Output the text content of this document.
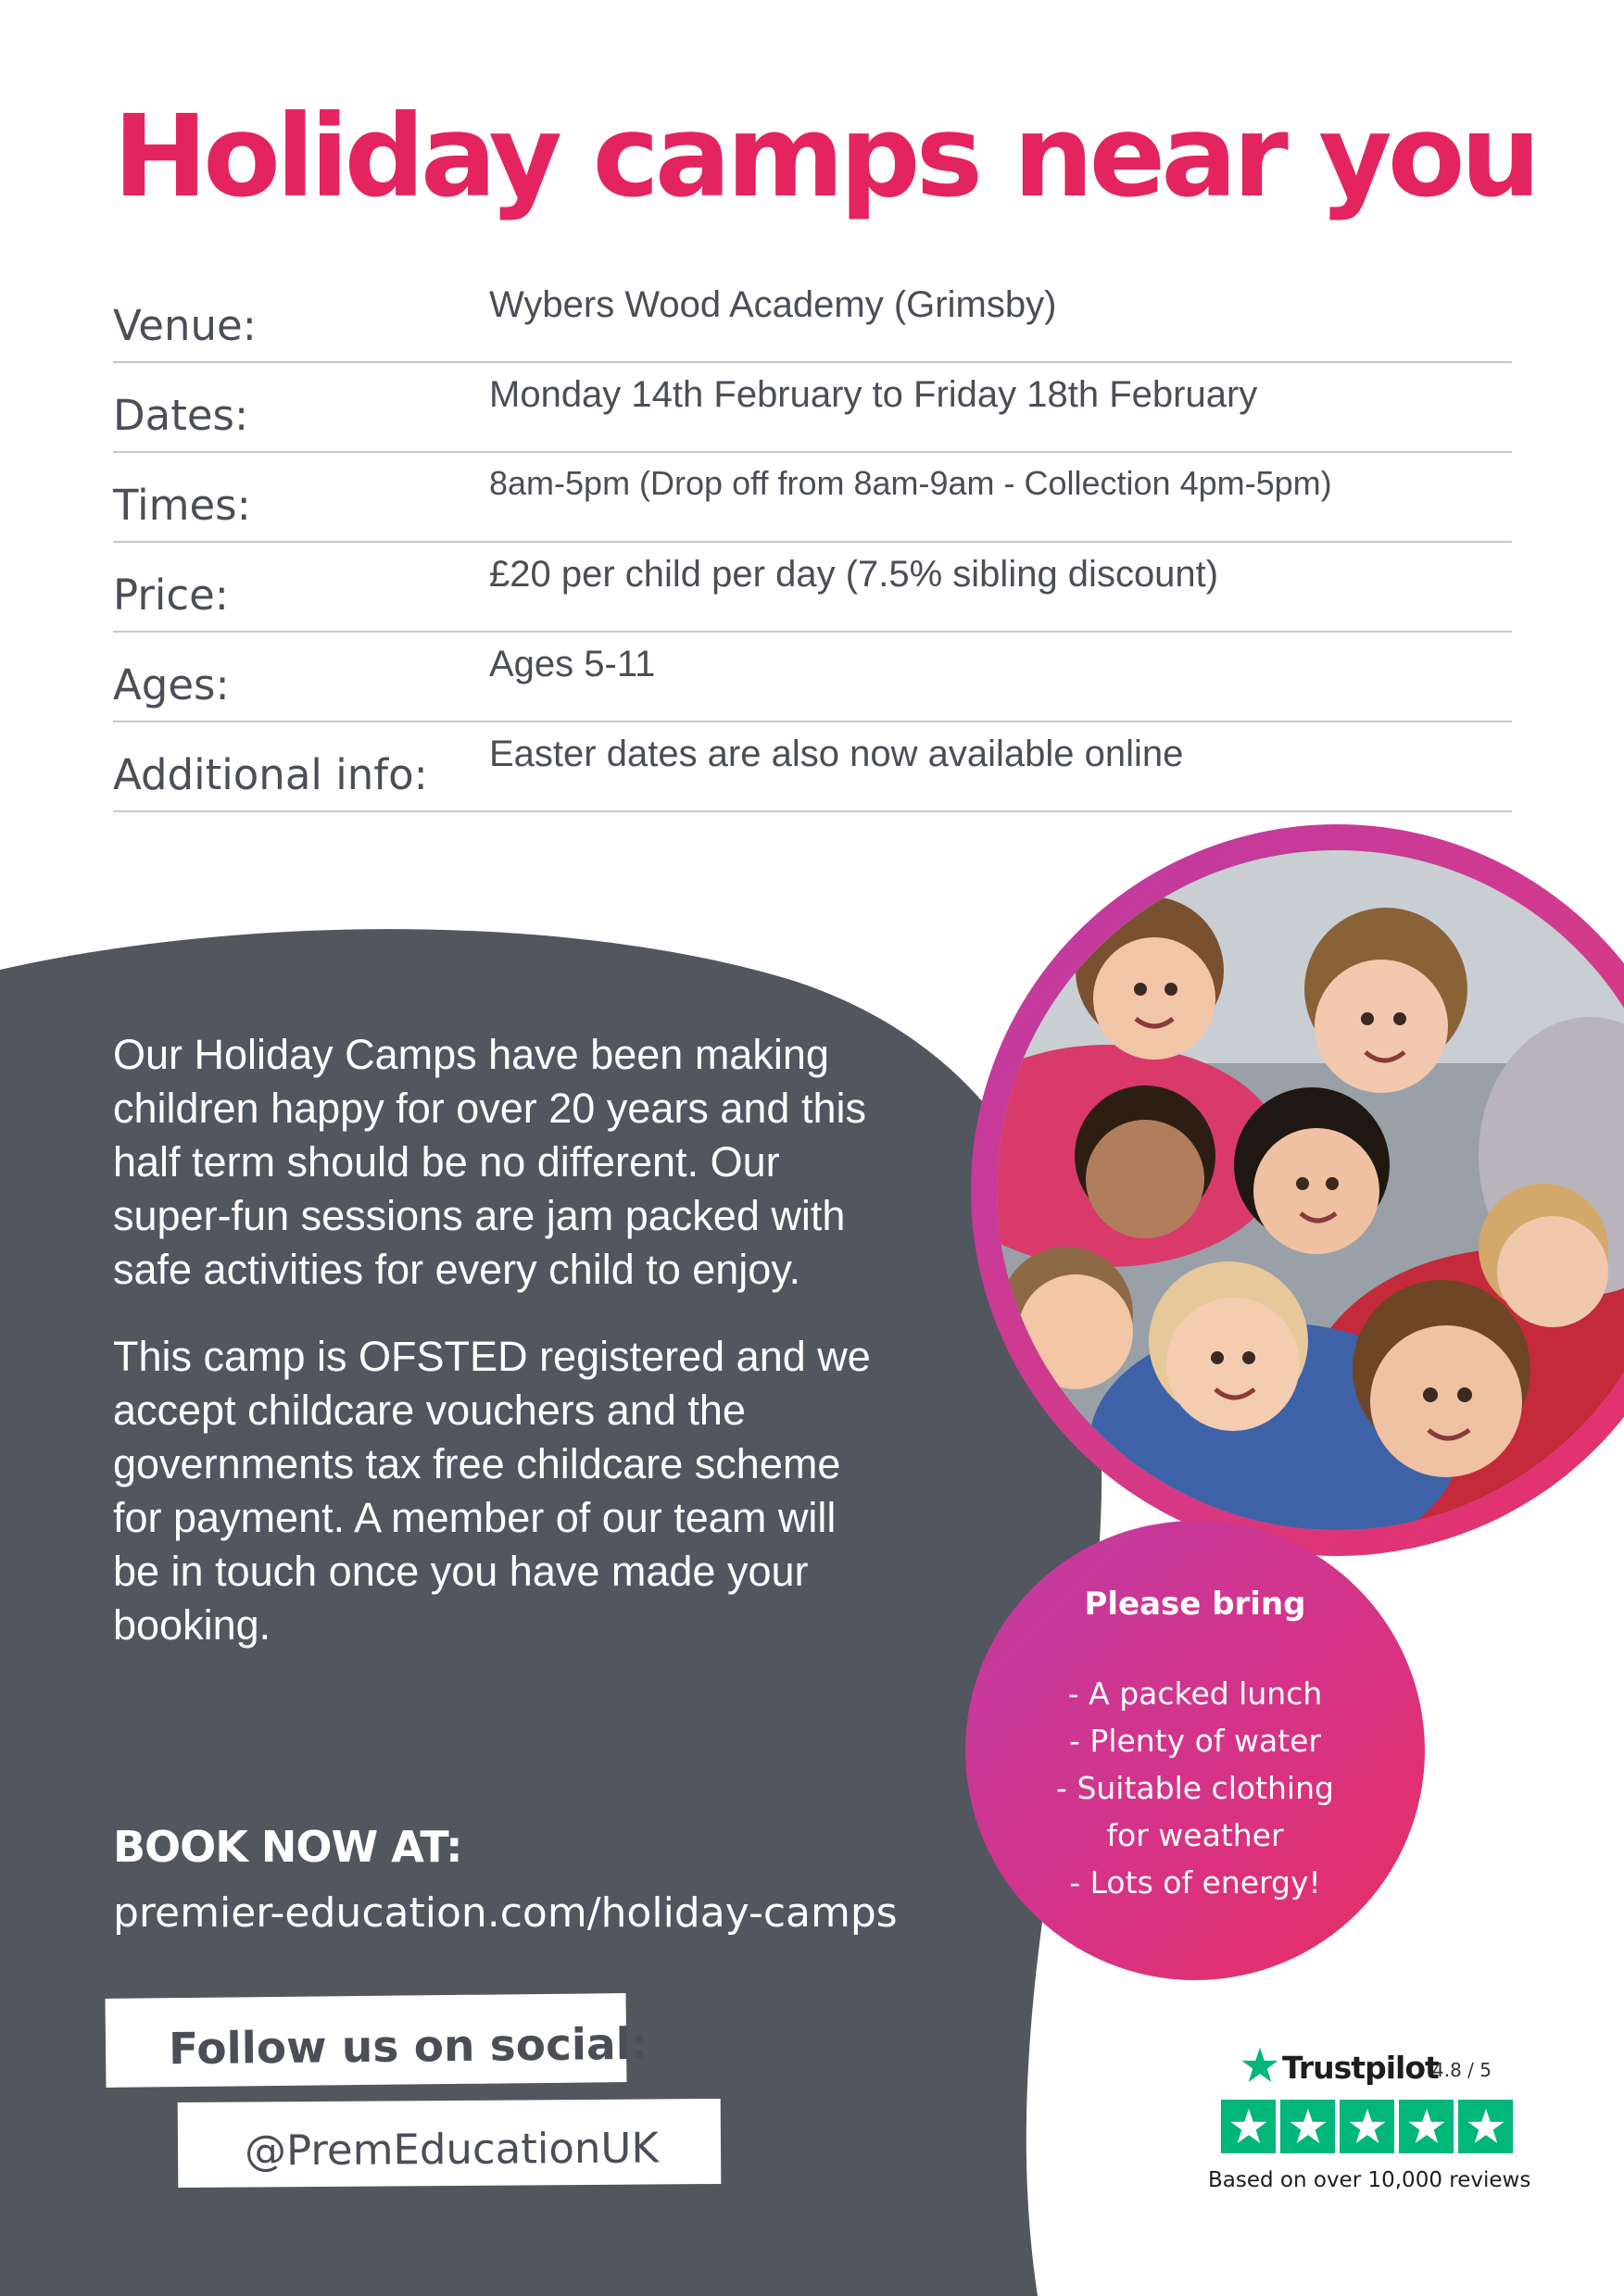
Holiday camps near you
Venue:	Wybers Wood Academy (Grimsby)
Dates:	Monday 14th February to Friday 18th February
Times:	8am-5pm (Drop off from 8am-9am - Collection 4pm-5pm)
Price:	£20 per child per day (7.5% sibling discount)
Ages:	Ages 5-11
Additional info: Easter dates are also now available online

Our Holiday Camps have been making children happy for over 20 years and this half term should be no different. Our super-fun sessions are jam packed with safe activities for every child to enjoy.

This camp is OFSTED registered and we accept childcare vouchers and the governments tax free childcare scheme for payment. A member of our team will be in touch once you have made your booking.

BOOK NOW AT:
premier-education.com/holiday-camps
Follow us on social:
@PremEducationUK
Please bring
- A packed lunch
- Plenty of water
- Suitable clothing
for weather
- Lots of energy!
Trustpilot
4.8 / 5
Based on over 10,000 reviews
